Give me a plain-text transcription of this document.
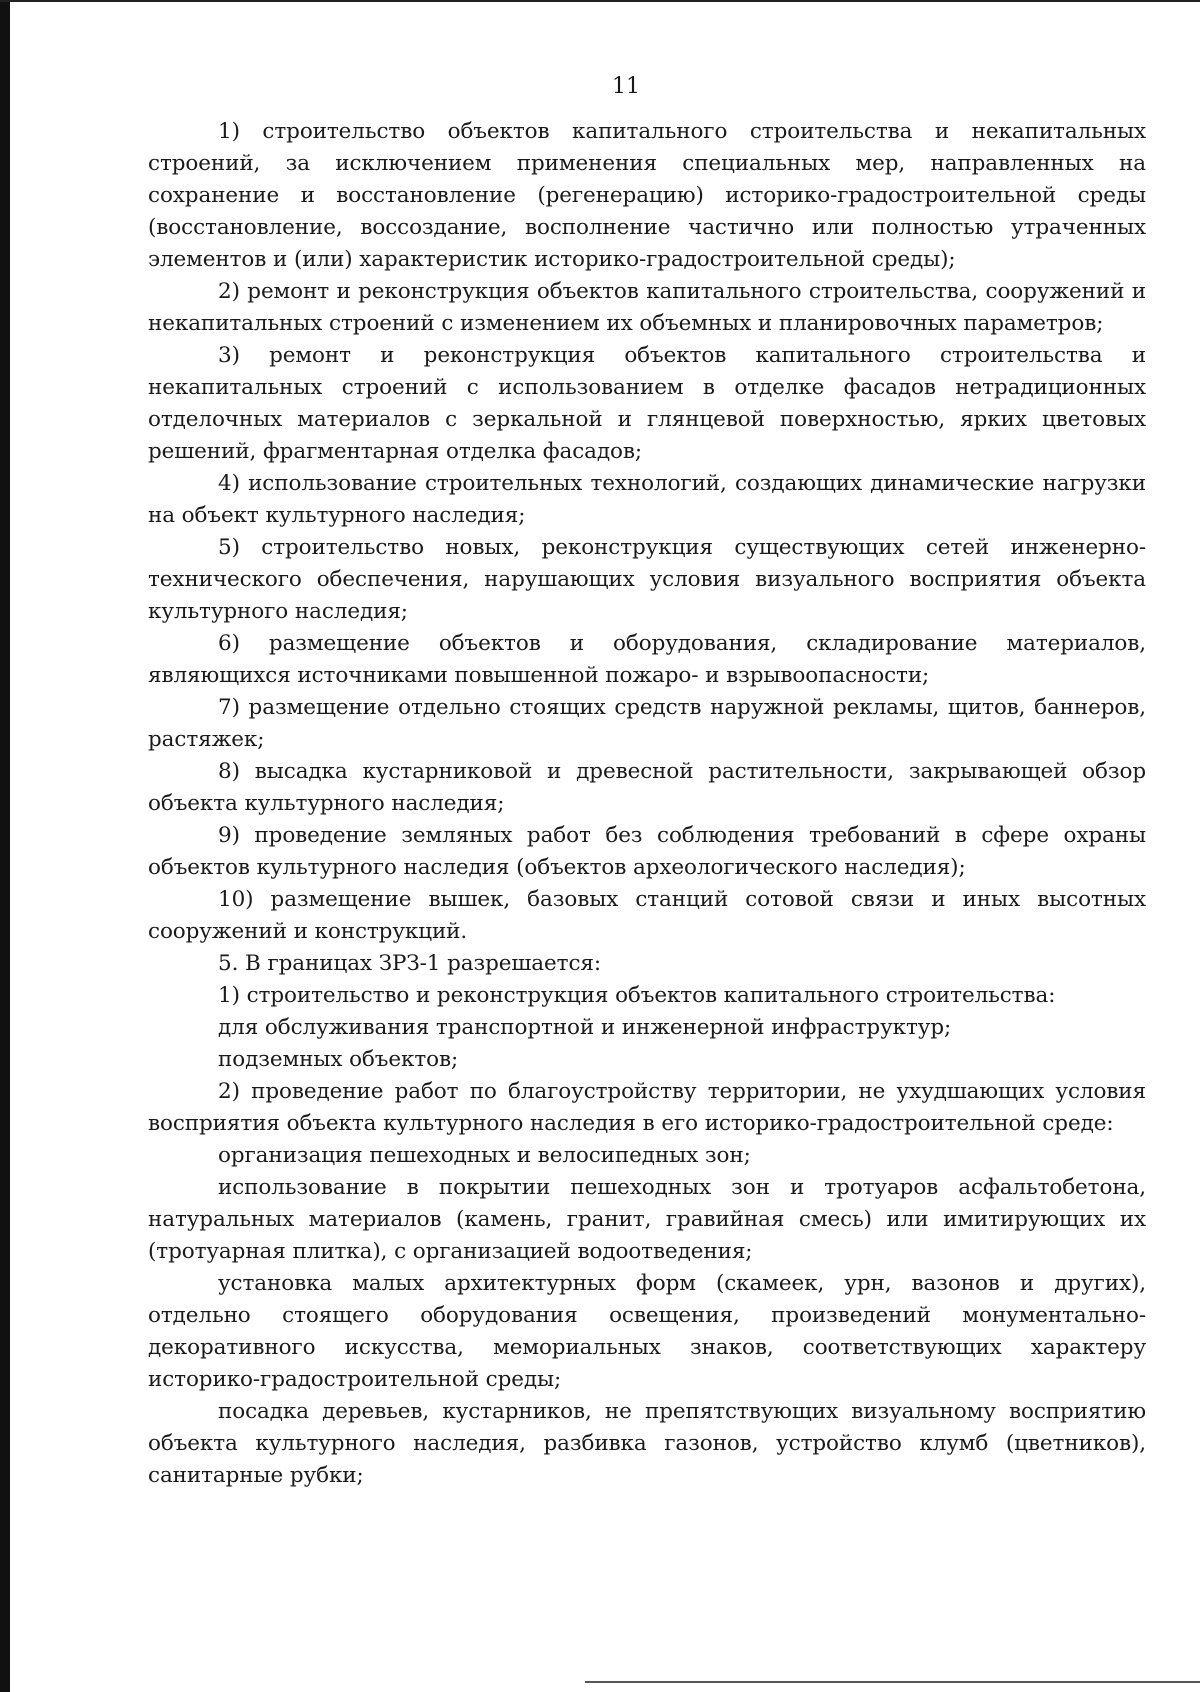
11

1) строительство объектов капитального строительства и некапитальных строений, за исключением применения специальных мер, направленных на сохранение и восстановление (регенерацию) историко-градостроительной среды (восстановление, воссоздание, восполнение частично или полностью утраченных элементов и (или) характеристик историко-градостроительной среды);

2) ремонт и реконструкция объектов капитального строительства, сооружений и некапитальных строений с изменением их объемных и планировочных параметров;

3) ремонт и реконструкция объектов капитального строительства и некапитальных строений с использованием в отделке фасадов нетрадиционных отделочных материалов с зеркальной и глянцевой поверхностью, ярких цветовых решений, фрагментарная отделка фасадов;

4) использование строительных технологий, создающих динамические нагрузки на объект культурного наследия;

5) строительство новых, реконструкция существующих сетей инженерно-технического обеспечения, нарушающих условия визуального восприятия объекта культурного наследия;

6) размещение объектов и оборудования, складирование материалов, являющихся источниками повышенной пожаро- и взрывоопасности;

7) размещение отдельно стоящих средств наружной рекламы, щитов, баннеров, растяжек;

8) высадка кустарниковой и древесной растительности, закрывающей обзор объекта культурного наследия;

9) проведение земляных работ без соблюдения требований в сфере охраны объектов культурного наследия (объектов археологического наследия);

10) размещение вышек, базовых станций сотовой связи и иных высотных сооружений и конструкций.

5. В границах ЗРЗ-1 разрешается:

1) строительство и реконструкция объектов капитального строительства:

для обслуживания транспортной и инженерной инфраструктур;

подземных объектов;

2) проведение работ по благоустройству территории, не ухудшающих условия восприятия объекта культурного наследия в его историко-градостроительной среде:

организация пешеходных и велосипедных зон;

использование в покрытии пешеходных зон и тротуаров асфальтобетона, натуральных материалов (камень, гранит, гравийная смесь) или имитирующих их (тротуарная плитка), с организацией водоотведения;

установка малых архитектурных форм (скамеек, урн, вазонов и других), отдельно стоящего оборудования освещения, произведений монументально-декоративного искусства, мемориальных знаков, соответствующих характеру историко-градостроительной среды;

посадка деревьев, кустарников, не препятствующих визуальному восприятию объекта культурного наследия, разбивка газонов, устройство клумб (цветников), санитарные рубки;
